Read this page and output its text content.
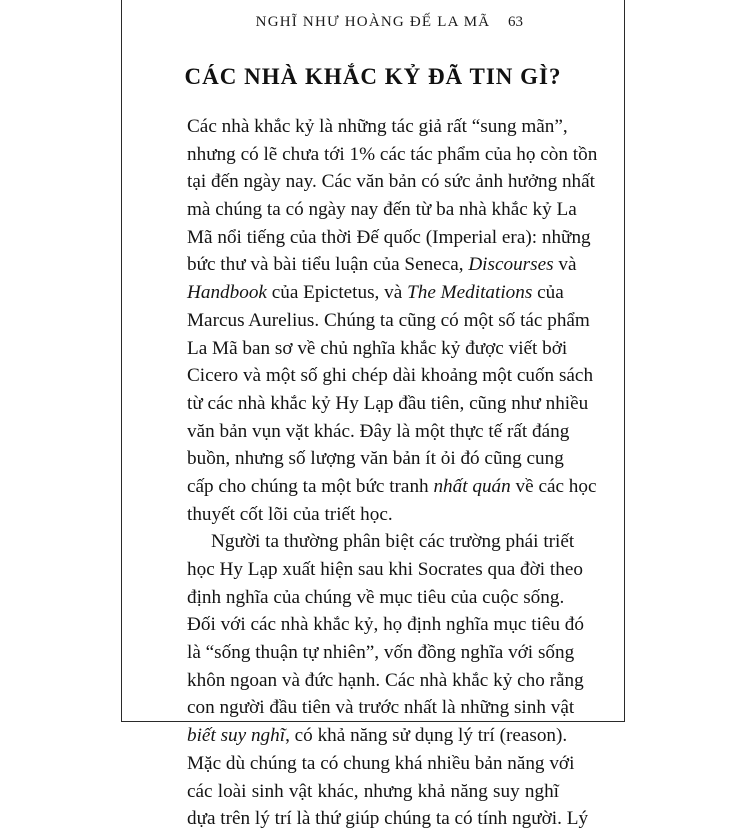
NGHĨ NHƯ HOÀNG ĐẾ LA MÃ	63
CÁC NHÀ KHẮC KỶ ĐÃ TIN GÌ?
Các nhà khắc kỷ là những tác giả rất “sung mãn”,
nhưng có lẽ chưa tới 1% các tác phẩm của họ còn tồn
tại đến ngày nay. Các văn bản có sức ảnh hưởng nhất
mà chúng ta có ngày nay đến từ ba nhà khắc kỷ La
Mã nổi tiếng của thời Đế quốc (Imperial era): những
bức thư và bài tiểu luận của Seneca, Discourses và
Handbook của Epictetus, và The Meditations của
Marcus Aurelius. Chúng ta cũng có một số tác phẩm
La Mã ban sơ về chủ nghĩa khắc kỷ được viết bởi
Cicero và một số ghi chép dài khoảng một cuốn sách
từ các nhà khắc kỷ Hy Lạp đầu tiên, cũng như nhiều
văn bản vụn vặt khác. Đây là một thực tế rất đáng
buồn, nhưng số lượng văn bản ít ỏi đó cũng cung
cấp cho chúng ta một bức tranh nhất quán về các học
thuyết cốt lõi của triết học.
Người ta thường phân biệt các trường phái triết
học Hy Lạp xuất hiện sau khi Socrates qua đời theo
định nghĩa của chúng về mục tiêu của cuộc sống.
Đối với các nhà khắc kỷ, họ định nghĩa mục tiêu đó
là “sống thuận tự nhiên”, vốn đồng nghĩa với sống
khôn ngoan và đức hạnh. Các nhà khắc kỷ cho rằng
con người đầu tiên và trước nhất là những sinh vật
biết suy nghĩ, có khả năng sử dụng lý trí (reason).
Mặc dù chúng ta có chung khá nhiều bản năng với
các loài sinh vật khác, nhưng khả năng suy nghĩ
dựa trên lý trí là thứ giúp chúng ta có tính người. Lý
